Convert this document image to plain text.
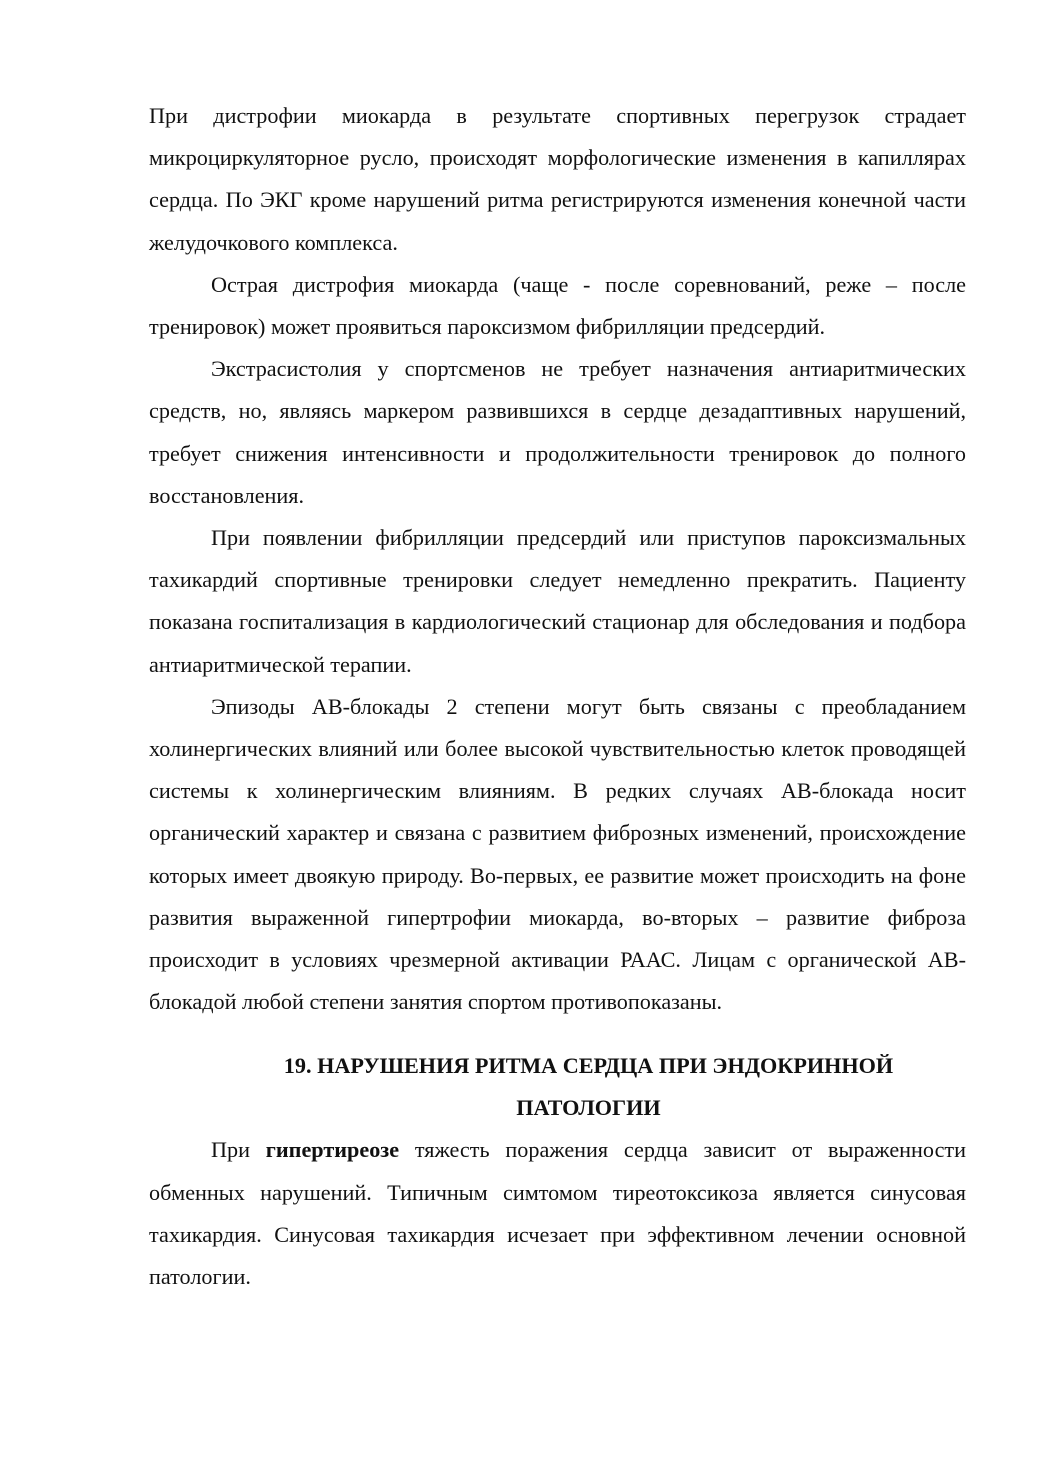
При дистрофии миокарда в результате спортивных перегрузок страдает микроциркуляторное русло, происходят морфологические изменения в капиллярах сердца. По ЭКГ кроме нарушений ритма регистрируются изменения конечной части желудочкового комплекса.

Острая дистрофия миокарда (чаще - после соревнований, реже – после тренировок) может проявиться пароксизмом фибрилляции предсердий.

Экстрасистолия у спортсменов не требует назначения антиаритмических средств, но, являясь маркером развившихся в сердце дезадаптивных нарушений, требует снижения интенсивности и продолжительности тренировок до полного восстановления.

При появлении фибрилляции предсердий или приступов пароксизмальных тахикардий спортивные тренировки следует немедленно прекратить. Пациенту показана госпитализация в кардиологический стационар для обследования и подбора антиаритмической терапии.

Эпизоды АВ-блокады 2 степени могут быть связаны с преобладанием холинергических влияний или более высокой чувствительностью клеток проводящей системы к холинергическим влияниям. В редких случаях АВ-блокада носит органический характер и связана с развитием фиброзных изменений, происхождение которых имеет двоякую природу. Во-первых, ее развитие может происходить на фоне развития выраженной гипертрофии миокарда, во-вторых – развитие фиброза происходит в условиях чрезмерной активации РААС. Лицам с органической АВ-блокадой любой степени занятия спортом противопоказаны.

19. НАРУШЕНИЯ РИТМА СЕРДЦА ПРИ ЭНДОКРИННОЙ
ПАТОЛОГИИ

При гипертиреозе тяжесть поражения сердца зависит от выраженности обменных нарушений. Типичным симтомом тиреотоксикоза является синусовая тахикардия. Синусовая тахикардия исчезает при эффективном лечении основной патологии.
